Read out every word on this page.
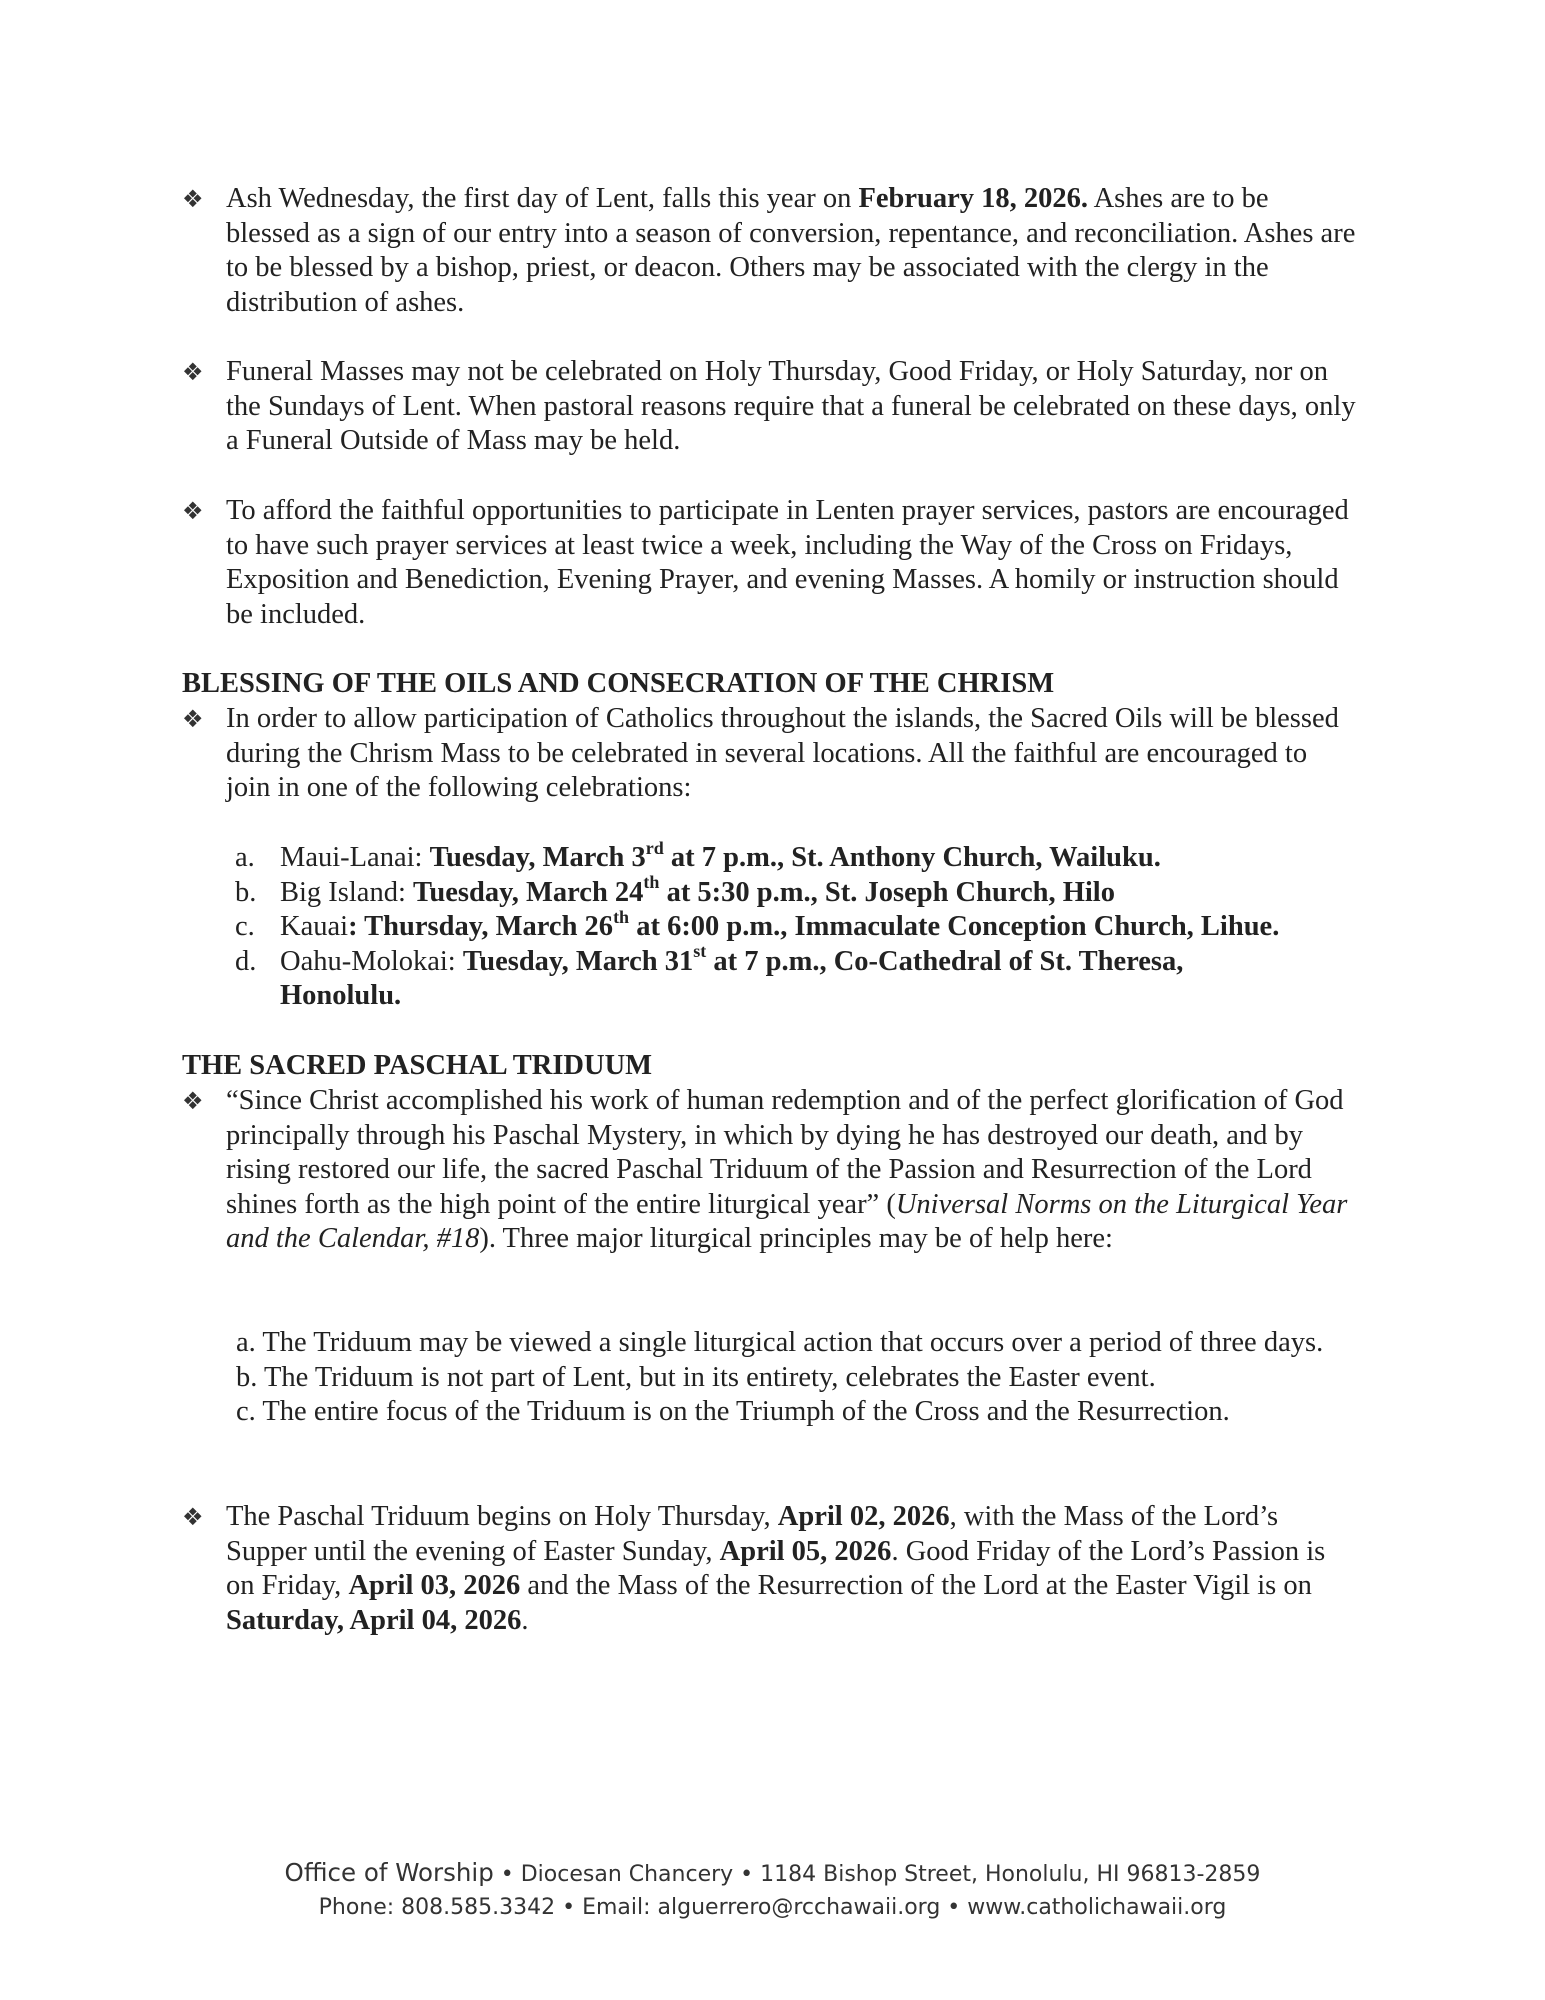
❖ Ash Wednesday, the first day of Lent, falls this year on February 18, 2026. Ashes are to be blessed as a sign of our entry into a season of conversion, repentance, and reconciliation. Ashes are to be blessed by a bishop, priest, or deacon. Others may be associated with the clergy in the distribution of ashes.
❖ Funeral Masses may not be celebrated on Holy Thursday, Good Friday, or Holy Saturday, nor on the Sundays of Lent. When pastoral reasons require that a funeral be celebrated on these days, only a Funeral Outside of Mass may be held.
❖ To afford the faithful opportunities to participate in Lenten prayer services, pastors are encouraged to have such prayer services at least twice a week, including the Way of the Cross on Fridays, Exposition and Benediction, Evening Prayer, and evening Masses. A homily or instruction should be included.
BLESSING OF THE OILS AND CONSECRATION OF THE CHRISM
❖ In order to allow participation of Catholics throughout the islands, the Sacred Oils will be blessed during the Chrism Mass to be celebrated in several locations. All the faithful are encouraged to join in one of the following celebrations:
a. Maui-Lanai: Tuesday, March 3rd at 7 p.m., St. Anthony Church, Wailuku.
b. Big Island: Tuesday, March 24th at 5:30 p.m., St. Joseph Church, Hilo
c. Kauai: Thursday, March 26th at 6:00 p.m., Immaculate Conception Church, Lihue.
d. Oahu-Molokai: Tuesday, March 31st at 7 p.m., Co-Cathedral of St. Theresa, Honolulu.
THE SACRED PASCHAL TRIDUUM
❖ “Since Christ accomplished his work of human redemption and of the perfect glorification of God principally through his Paschal Mystery, in which by dying he has destroyed our death, and by rising restored our life, the sacred Paschal Triduum of the Passion and Resurrection of the Lord shines forth as the high point of the entire liturgical year” (Universal Norms on the Liturgical Year and the Calendar, #18). Three major liturgical principles may be of help here:
a. The Triduum may be viewed a single liturgical action that occurs over a period of three days.
b. The Triduum is not part of Lent, but in its entirety, celebrates the Easter event.
c. The entire focus of the Triduum is on the Triumph of the Cross and the Resurrection.
❖ The Paschal Triduum begins on Holy Thursday, April 02, 2026, with the Mass of the Lord’s Supper until the evening of Easter Sunday, April 05, 2026. Good Friday of the Lord’s Passion is on Friday, April 03, 2026 and the Mass of the Resurrection of the Lord at the Easter Vigil is on Saturday, April 04, 2026.
Office of Worship • Diocesan Chancery • 1184 Bishop Street, Honolulu, HI 96813-2859
Phone: 808.585.3342 • Email: alguerrero@rcchawaii.org • www.catholichawaii.org
